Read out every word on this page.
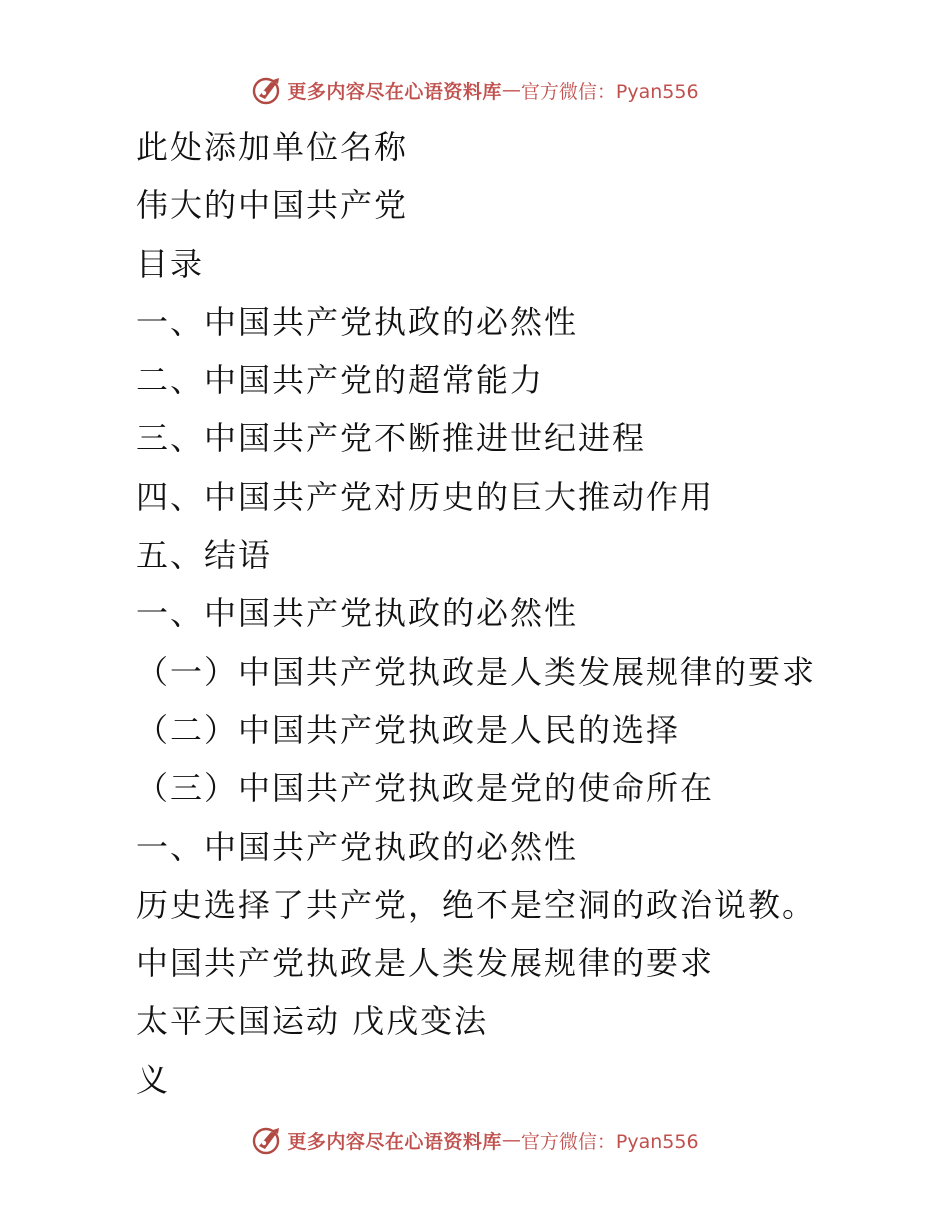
更多内容尽在心语资料库 — 官方微信：Pyan556
此处添加单位名称
伟大的中国共产党
目录
一、中国共产党执政的必然性
二、中国共产党的超常能力
三、中国共产党不断推进世纪进程
四、中国共产党对历史的巨大推动作用
五、结语
一、中国共产党执政的必然性
（一）中国共产党执政是人类发展规律的要求
（二）中国共产党执政是人民的选择
（三）中国共产党执政是党的使命所在
一、中国共产党执政的必然性
历史选择了共产党，绝不是空洞的政治说教。
中国共产党执政是人类发展规律的要求
太平天国运动 戊戌变法
义
更多内容尽在心语资料库 — 官方微信：Pyan556
